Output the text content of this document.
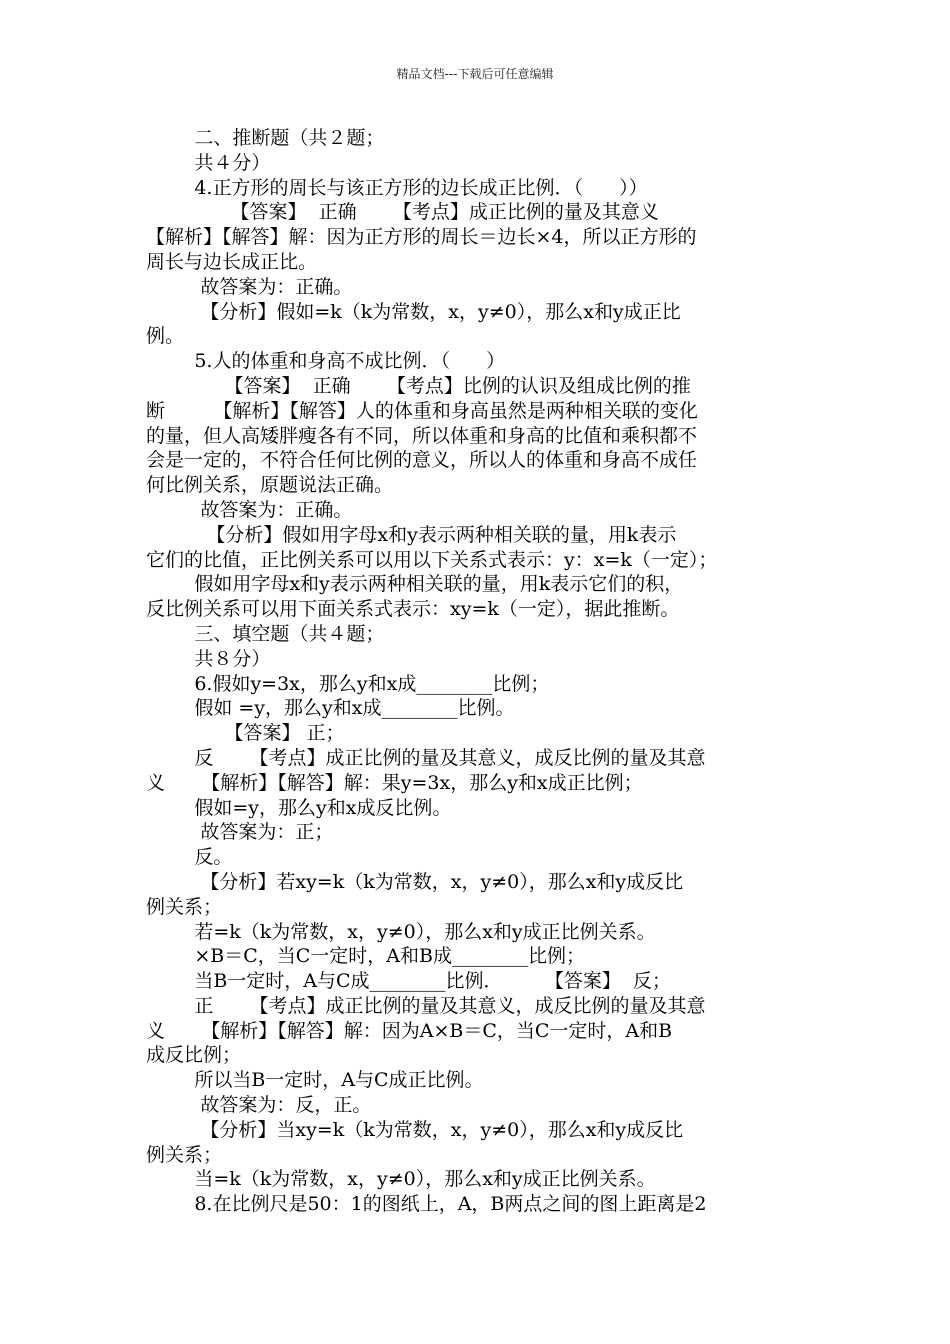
精品文档---下载后可任意编辑
二、推断题（共２题；
共４分）
4.正方形的周长与该正方形的边长成正比例．（      ））
【答案】  正确      【考点】成正比例的量及其意义
【解析】【解答】解：因为正方形的周长＝边长×4，所以正方形的
周长与边长成正比。
故答案为：正确。
【分析】假如=k（k为常数，x，y≠0），那么x和y成正比
例。
5.人的体重和身高不成比例．（      ）
【答案】  正确      【考点】比例的认识及组成比例的推
断        【解析】【解答】人的体重和身高虽然是两种相关联的变化
的量，但人高矮胖瘦各有不同，所以体重和身高的比值和乘积都不
会是一定的，不符合任何比例的意义，所以人的体重和身高不成任
何比例关系，原题说法正确。
故答案为：正确。
【分析】假如用字母x和y表示两种相关联的量，用k表示
它们的比值，正比例关系可以用以下关系式表示：y：x=k（一定）；
假如用字母x和y表示两种相关联的量，用k表示它们的积，
反比例关系可以用下面关系式表示：xy=k（一定），据此推断。
三、填空题（共４题；
共８分）
6.假如y=3x，那么y和x成________比例；
假如 =y，那么y和x成________比例。
【答案】 正；
反      【考点】成正比例的量及其意义，成反比例的量及其意
义      【解析】【解答】解：果y=3x，那么y和x成正比例；
假如=y，那么y和x成反比例。
故答案为：正；
反。
【分析】若xy=k（k为常数，x，y≠0），那么x和y成反比
例关系；
若=k（k为常数，x，y≠0），那么x和y成正比例关系。
×B＝C，当C一定时，A和B成________比例；
当B一定时，A与C成________比例．       【答案】  反；
正      【考点】成正比例的量及其意义，成反比例的量及其意
义      【解析】【解答】解：因为A×B＝C，当C一定时，A和B
成反比例；
所以当B一定时，A与C成正比例。
故答案为：反，正。
【分析】当xy=k（k为常数，x，y≠0），那么x和y成反比
例关系；
当=k（k为常数，x，y≠0），那么x和y成正比例关系。
8.在比例尺是50：1的图纸上，A，B两点之间的图上距离是2
